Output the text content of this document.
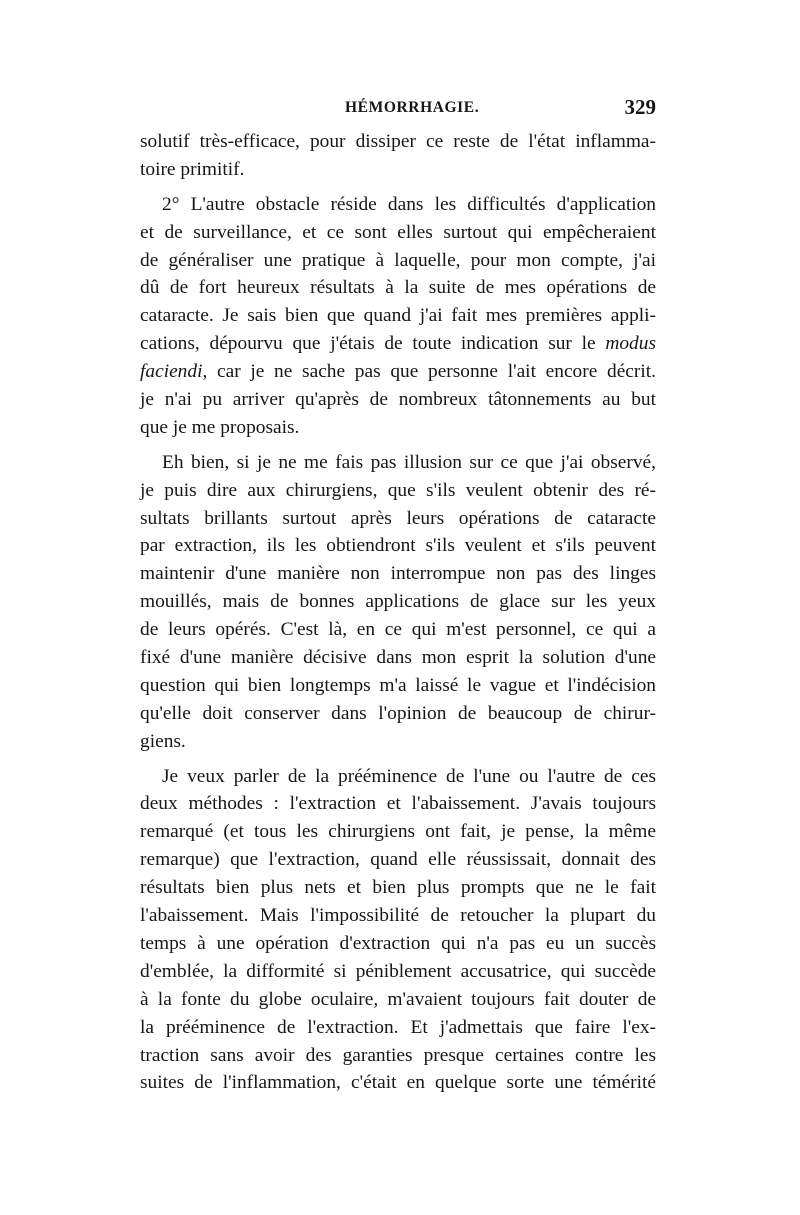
HÉMORRHAGIE.	329
solutif très-efficace, pour dissiper ce reste de l'état inflamma-
toire primitif.
2° L'autre obstacle réside dans les difficultés d'application
et de surveillance, et ce sont elles surtout qui empêcheraient
de généraliser une pratique à laquelle, pour mon compte, j'ai
dû de fort heureux résultats à la suite de mes opérations de
cataracte. Je sais bien que quand j'ai fait mes premières appli-
cations, dépourvu que j'étais de toute indication sur le modus
faciendi, car je ne sache pas que personne l'ait encore décrit.
je n'ai pu arriver qu'après de nombreux tâtonnements au but
que je me proposais.
Eh bien, si je ne me fais pas illusion sur ce que j'ai observé,
je puis dire aux chirurgiens, que s'ils veulent obtenir des ré-
sultats brillants surtout après leurs opérations de cataracte
par extraction, ils les obtiendront s'ils veulent et s'ils peuvent
maintenir d'une manière non interrompue non pas des linges
mouillés, mais de bonnes applications de glace sur les yeux
de leurs opérés. C'est là, en ce qui m'est personnel, ce qui a
fixé d'une manière décisive dans mon esprit la solution d'une
question qui bien longtemps m'a laissé le vague et l'indécision
qu'elle doit conserver dans l'opinion de beaucoup de chirur-
giens.
Je veux parler de la prééminence de l'une ou l'autre de ces
deux méthodes : l'extraction et l'abaissement. J'avais toujours
remarqué (et tous les chirurgiens ont fait, je pense, la même
remarque) que l'extraction, quand elle réussissait, donnait des
résultats bien plus nets et bien plus prompts que ne le fait
l'abaissement. Mais l'impossibilité de retoucher la plupart du
temps à une opération d'extraction qui n'a pas eu un succès
d'emblée, la difformité si péniblement accusatrice, qui succède
à la fonte du globe oculaire, m'avaient toujours fait douter de
la prééminence de l'extraction. Et j'admettais que faire l'ex-
traction sans avoir des garanties presque certaines contre les
suites de l'inflammation, c'était en quelque sorte une témérité
